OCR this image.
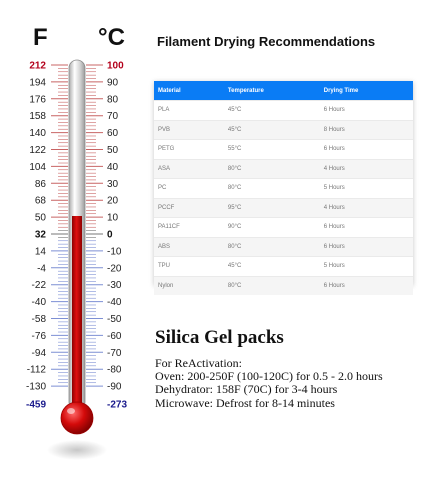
212	100
194	90
176	80
158	70
140	60
122	50
104	40
86	30
68	20
50	10
32	0
14	-10
-4	-20
-22	-30
-40	-40
-58	-50
-76	-60
-94	-70
-112	-80
-130	-90
-459	-273
F °C Filament Drying Recommendations
Material	Temperature	Drying Time
PLA	45°C	6 Hours
PVB	45°C	8 Hours
PETG	55°C	6 Hours
ASA	80°C	4 Hours
PC	80°C	5 Hours
PCCF	95°C	4 Hours
PA11CF	90°C	6 Hours
ABS	80°C	6 Hours
TPU	45°C	5 Hours
Nylon	80°C	6 Hours
Silica Gel packs
For ReActivation:
Oven: 200-250F (100-120C) for 0.5 - 2.0 hours
Dehydrator: 158F (70C) for 3-4 hours
Microwave: Defrost for 8-14 minutes
